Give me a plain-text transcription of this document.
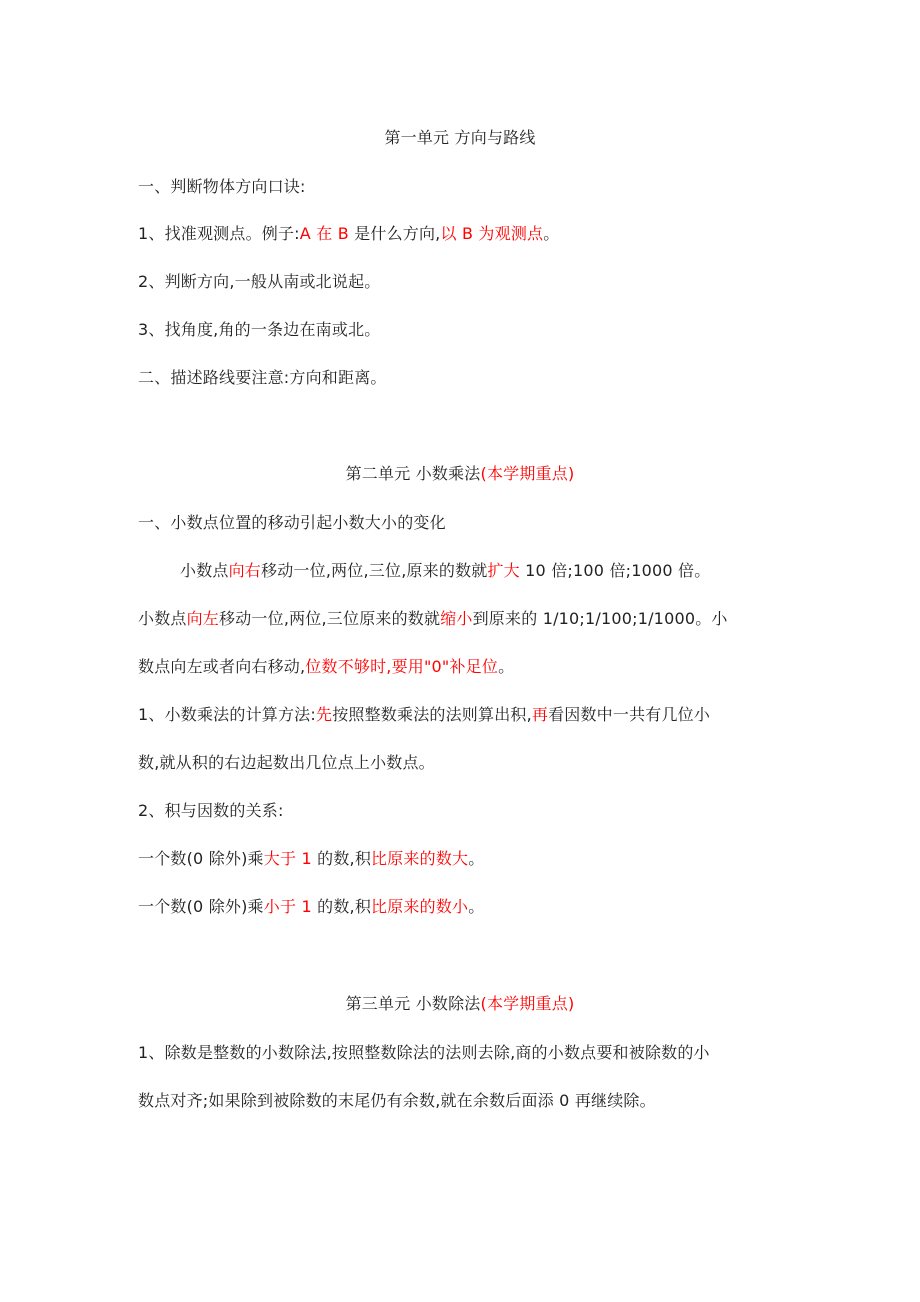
第一单元 方向与路线
一、判断物体方向口诀:
1、找准观测点。例子:A 在 B 是什么方向,以 B 为观测点。
2、判断方向,一般从南或北说起。
3、找角度,角的一条边在南或北。
二、描述路线要注意:方向和距离。
第二单元 小数乘法(本学期重点)
一、小数点位置的移动引起小数大小的变化
小数点向右移动一位,两位,三位,原来的数就扩大 10 倍;100 倍;1000 倍。
小数点向左移动一位,两位,三位原来的数就缩小到原来的 1/10;1/100;1/1000。小
数点向左或者向右移动,位数不够时,要用"0"补足位。
1、小数乘法的计算方法:先按照整数乘法的法则算出积,再看因数中一共有几位小
数,就从积的右边起数出几位点上小数点。
2、积与因数的关系:
一个数(0 除外)乘大于 1 的数,积比原来的数大。
一个数(0 除外)乘小于 1 的数,积比原来的数小。
第三单元 小数除法(本学期重点)
1、除数是整数的小数除法,按照整数除法的法则去除,商的小数点要和被除数的小
数点对齐;如果除到被除数的末尾仍有余数,就在余数后面添 0 再继续除。
